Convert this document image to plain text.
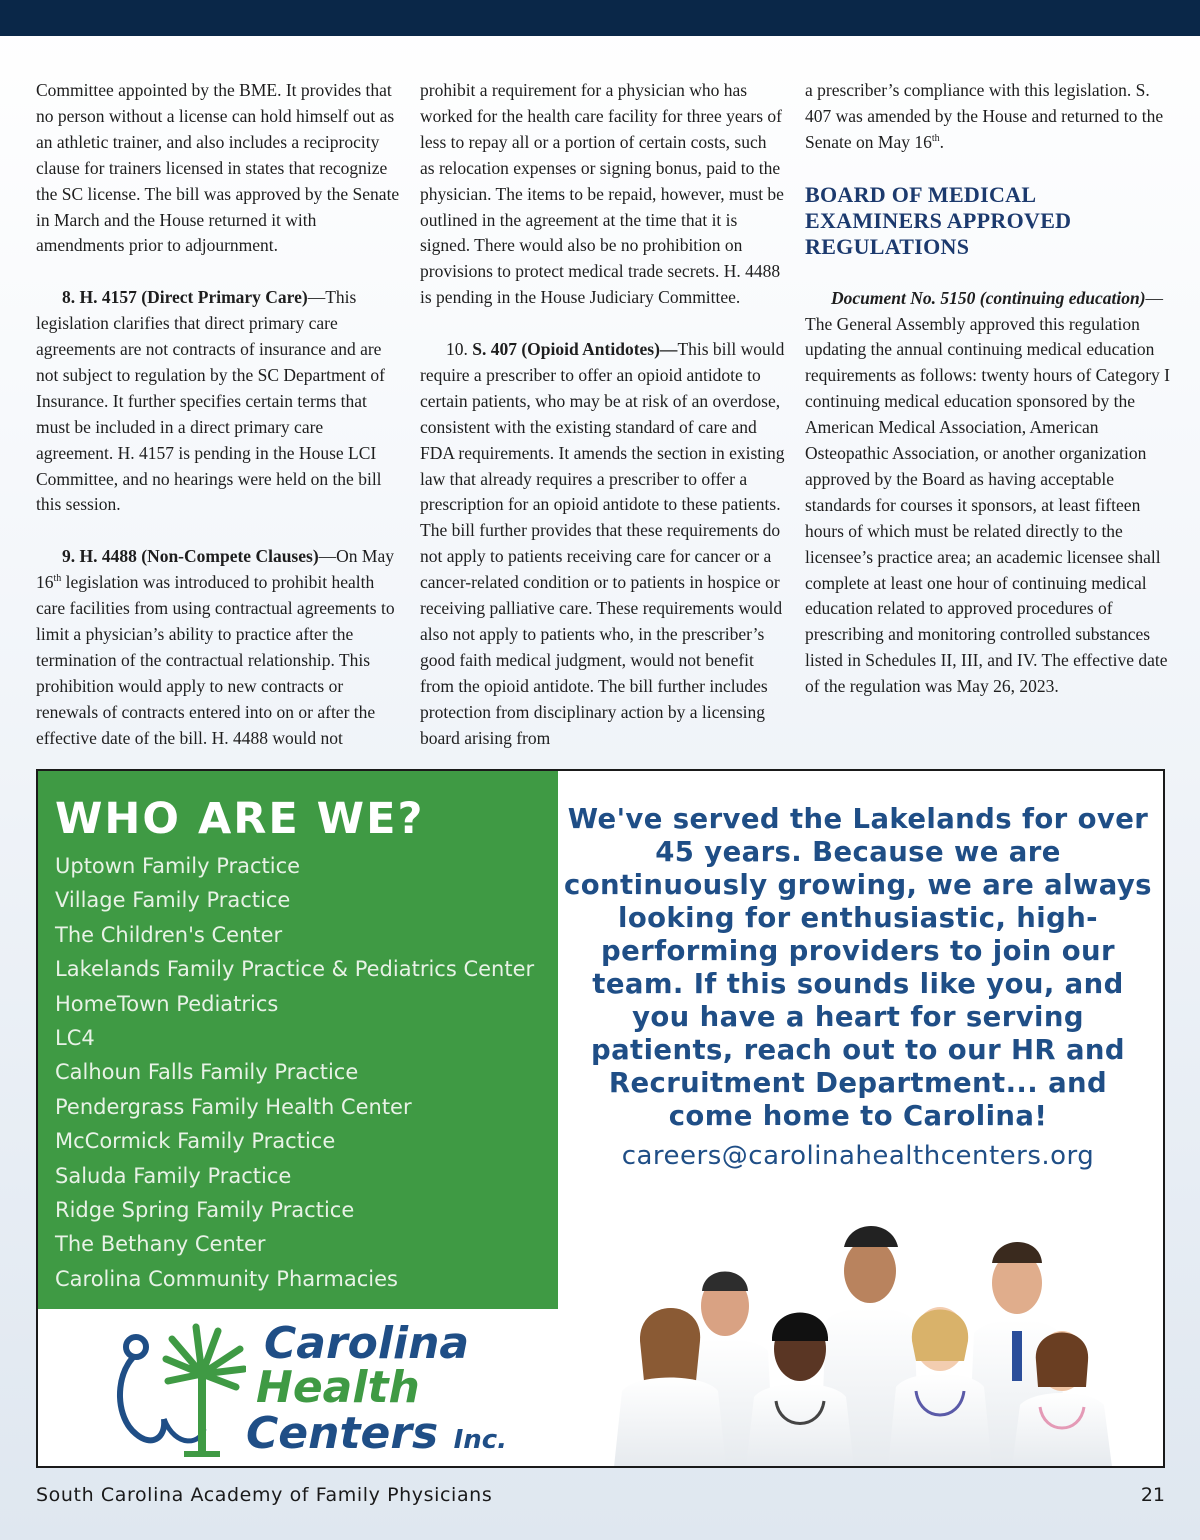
Committee appointed by the BME. It provides that no person without a license can hold himself out as an athletic trainer, and also includes a reciprocity clause for trainers licensed in states that recognize the SC license. The bill was approved by the Senate in March and the House returned it with amendments prior to adjournment.

8. H. 4157 (Direct Primary Care)—This legislation clarifies that direct primary care agreements are not contracts of insurance and are not subject to regulation by the SC Department of Insurance. It further specifies certain terms that must be included in a direct primary care agreement. H. 4157 is pending in the House LCI Committee, and no hearings were held on the bill this session.

9. H. 4488 (Non-Compete Clauses)—On May 16th legislation was introduced to prohibit health care facilities from using contractual agreements to limit a physician’s ability to practice after the termination of the contractual relationship. This prohibition would apply to new contracts or renewals of contracts entered into on or after the effective date of the bill. H. 4488 would not

prohibit a requirement for a physician who has worked for the health care facility for three years of less to repay all or a portion of certain costs, such as relocation expenses or signing bonus, paid to the physician. The items to be repaid, however, must be outlined in the agreement at the time that it is signed. There would also be no prohibition on provisions to protect medical trade secrets. H. 4488 is pending in the House Judiciary Committee.

10. S. 407 (Opioid Antidotes)—This bill would require a prescriber to offer an opioid antidote to certain patients, who may be at risk of an overdose, consistent with the existing standard of care and FDA requirements. It amends the section in existing law that already requires a prescriber to offer a prescription for an opioid antidote to these patients. The bill further provides that these requirements do not apply to patients receiving care for cancer or a cancer-related condition or to patients in hospice or receiving palliative care. These requirements would also not apply to patients who, in the prescriber’s good faith medical judgment, would not benefit from the opioid antidote. The bill further includes protection from disciplinary action by a licensing board arising from

a prescriber’s compliance with this legislation. S. 407 was amended by the House and returned to the Senate on May 16th.

BOARD OF MEDICAL EXAMINERS APPROVED REGULATIONS

Document No. 5150 (continuing education)—The General Assembly approved this regulation updating the annual continuing medical education requirements as follows: twenty hours of Category I continuing medical education sponsored by the American Medical Association, American Osteopathic Association, or another organization approved by the Board as having acceptable standards for courses it sponsors, at least fifteen hours of which must be related directly to the licensee’s practice area; an academic licensee shall complete at least one hour of continuing medical education related to approved procedures of prescribing and monitoring controlled substances listed in Schedules II, III, and IV. The effective date of the regulation was May 26, 2023.

WHO ARE WE?
Uptown Family Practice
Village Family Practice
The Children's Center
Lakelands Family Practice & Pediatrics Center
HomeTown Pediatrics
LC4
Calhoun Falls Family Practice
Pendergrass Family Health Center
McCormick Family Practice
Saluda Family Practice
Ridge Spring Family Practice
The Bethany Center
Carolina Community Pharmacies
We've served the Lakelands for over 45 years. Because we are continuously growing, we are always looking for enthusiastic, high-performing providers to join our team. If this sounds like you, and you have a heart for serving patients, reach out to our HR and Recruitment Department... and come home to Carolina!
careers@carolinahealthcenters.org
Carolina
Health
Centers Inc.
South Carolina Academy of Family Physicians	21
